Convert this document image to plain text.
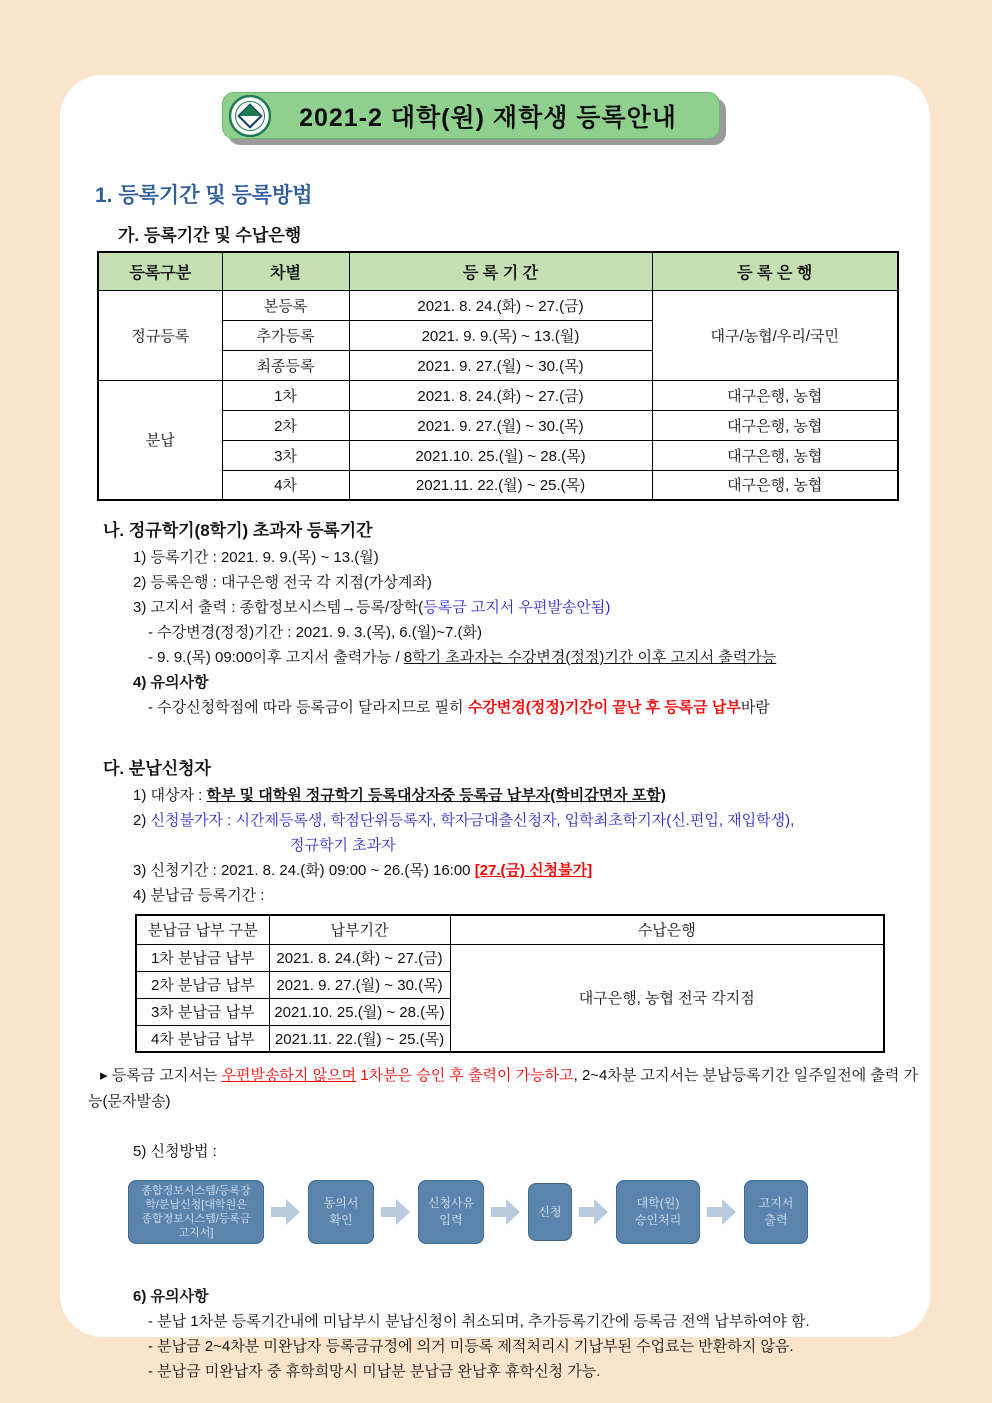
2021-2 대학(원) 재학생 등록안내
1. 등록기간 및 등록방법
가. 등록기간 및 수납은행
등록구분	차별	등 록 기 간	등 록 은 행
정규등록	본등록	2021. 8. 24.(화) ~ 27.(금)	대구/농협/우리/국민
	추가등록	2021. 9. 9.(목) ~ 13.(월)	
	최종등록	2021. 9. 27.(월) ~ 30.(목)	
분납	1차	2021. 8. 24.(화) ~ 27.(금)	대구은행, 농협
	2차	2021. 9. 27.(월) ~ 30.(목)	대구은행, 농협
	3차	2021.10. 25.(월) ~ 28.(목)	대구은행, 농협
	4차	2021.11. 22.(월) ~ 25.(목)	대구은행, 농협
나. 정규학기(8학기) 초과자 등록기간
1) 등록기간 : 2021. 9. 9.(목) ~ 13.(월)
2) 등록은행 : 대구은행 전국 각 지점(가상계좌)
3) 고지서 출력 : 종합정보시스템→등록/장학(등록금 고지서 우편발송안됨)
- 수강변경(정정)기간 : 2021. 9. 3.(목), 6.(월)~7.(화)
- 9. 9.(목) 09:00이후 고지서 출력가능 / 8학기 초과자는 수강변경(정정)기간 이후 고지서 출력가능
4) 유의사항
- 수강신청학점에 따라 등록금이 달라지므로 필히 수강변경(정정)기간이 끝난 후 등록금 납부바람
다. 분납신청자
1) 대상자 : 학부 및 대학원 정규학기 등록대상자중 등록금 납부자(학비감면자 포함)
2) 신청불가자 : 시간제등록생, 학점단위등록자, 학자금대출신청자, 입학최초학기자(신.편입, 재입학생),
정규학기 초과자
3) 신청기간 : 2021. 8. 24.(화) 09:00 ~ 26.(목) 16:00 [27.(금) 신청불가]
4) 분납금 등록기간 :
분납금 납부 구분	납부기간	수납은행
1차 분납금 납부	2021. 8. 24.(화) ~ 27.(금)	대구은행, 농협 전국 각지점
2차 분납금 납부	2021. 9. 27.(월) ~ 30.(목)	
3차 분납금 납부	2021.10. 25.(월) ~ 28.(목)	
4차 분납금 납부	2021.11. 22.(월) ~ 25.(목)	
▸ 등록금 고지서는 우편발송하지 않으며 1차분은 승인 후 출력이 가능하고, 2~4차분 고지서는 분납등록기간 일주일전에 출력 가능(문자발송)
5) 신청방법 :
종합정보시스템/등록장
학/분납신청[대학원은
종합정보시스템/등록금
고지서]
동의서
확인
신청사유
입력
신청
대학(원)
승인처리
고지서
출력
6) 유의사항
- 분납 1차분 등록기간내에 미납부시 분납신청이 취소되며, 추가등록기간에 등록금 전액 납부하여야 함.
- 분납금 2~4차분 미완납자 등록금규정에 의거 미등록 제적처리시 기납부된 수업료는 반환하지 않음.
- 분납금 미완납자 중 휴학희망시 미납분 분납금 완납후 휴학신청 가능.
